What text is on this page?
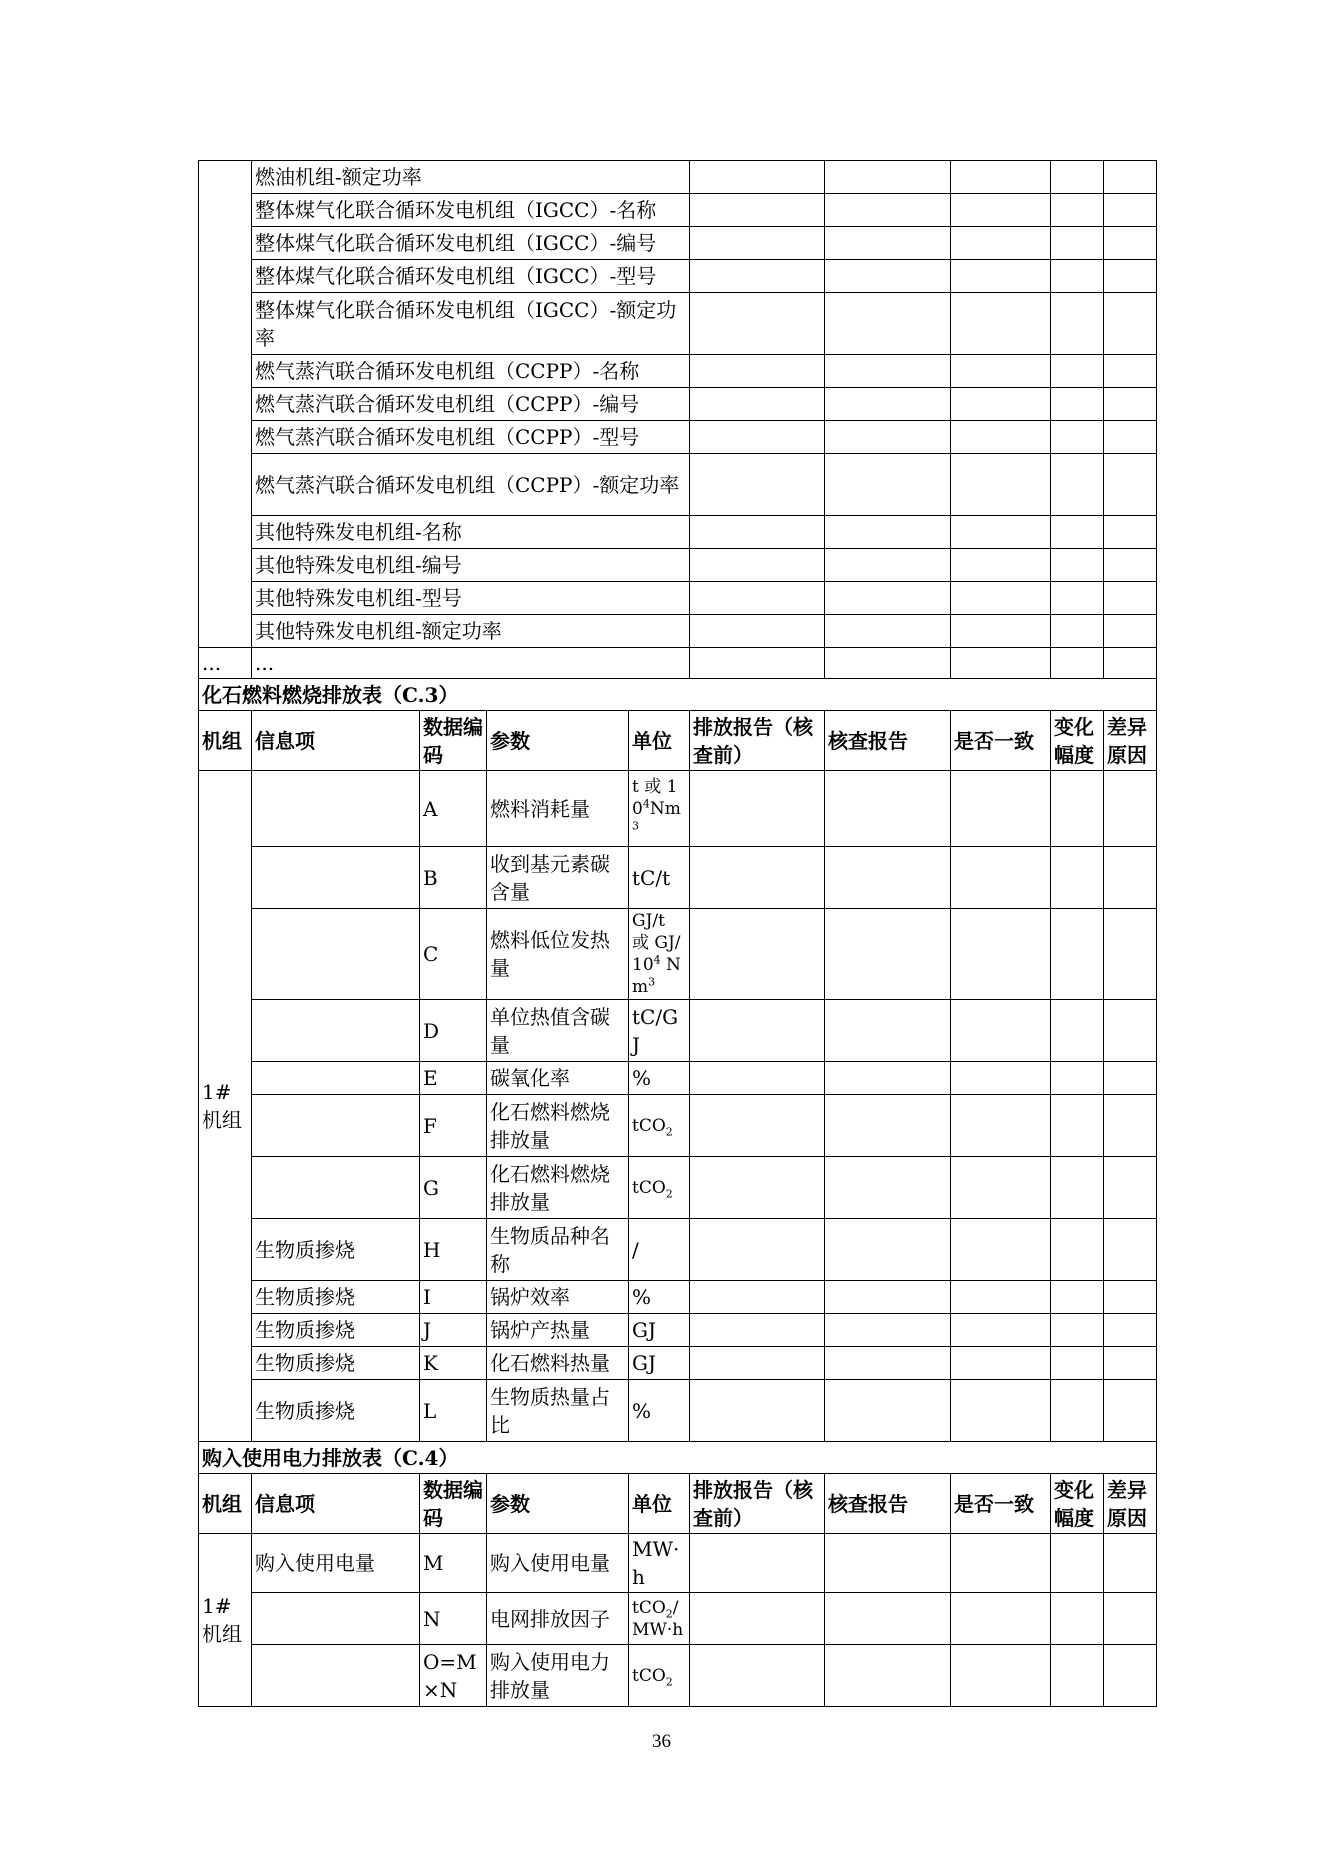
	燃油机组-额定功率								
	整体煤气化联合循环发电机组（IGCC）-名称								
	整体煤气化联合循环发电机组（IGCC）-编号								
	整体煤气化联合循环发电机组（IGCC）-型号								
	整体煤气化联合循环发电机组（IGCC）-额定功率								
	燃气蒸汽联合循环发电机组（CCPP）-名称								
	燃气蒸汽联合循环发电机组（CCPP）-编号								
	燃气蒸汽联合循环发电机组（CCPP）-型号								
	燃气蒸汽联合循环发电机组（CCPP）-额定功率								
	其他特殊发电机组-名称								
	其他特殊发电机组-编号								
	其他特殊发电机组-型号								
	其他特殊发电机组-额定功率								
...	...								
化石燃料燃烧排放表（C.3）									
机组	信息项	数据编码	参数	单位	排放报告（核查前）	核查报告	是否一致	变化幅度	差异原因
1#机组		A	燃料消耗量	t 或 $10^4Nm^3$					
		B	收到基元素碳含量	tC/t					
		C	燃料低位发热量	GJ/t 或 $GJ/10^4$ Nm$^3$					
		D	单位热值含碳量	tC/GJ					
		E	碳氧化率	%					
		F	化石燃料燃烧排放量	tCO$_2$					
		G	化石燃料燃烧排放量	tCO$_2$					
	生物质掺烧	H	生物质品种名称	/					
	生物质掺烧	I	锅炉效率	%					
	生物质掺烧	J	锅炉产热量	GJ					
	生物质掺烧	K	化石燃料热量	GJ					
	生物质掺烧	L	生物质热量占比	%					
购入使用电力排放表（C.4）									
机组	信息项	数据编码	参数	单位	排放报告（核查前）	核查报告	是否一致	变化幅度	差异原因
1#机组	购入使用电量	M	购入使用电量	MW·h					
		N	电网排放因子	tCO$_2$/ MW·h					
		O=M×N	购入使用电力排放量	tCO$_2$					
36
